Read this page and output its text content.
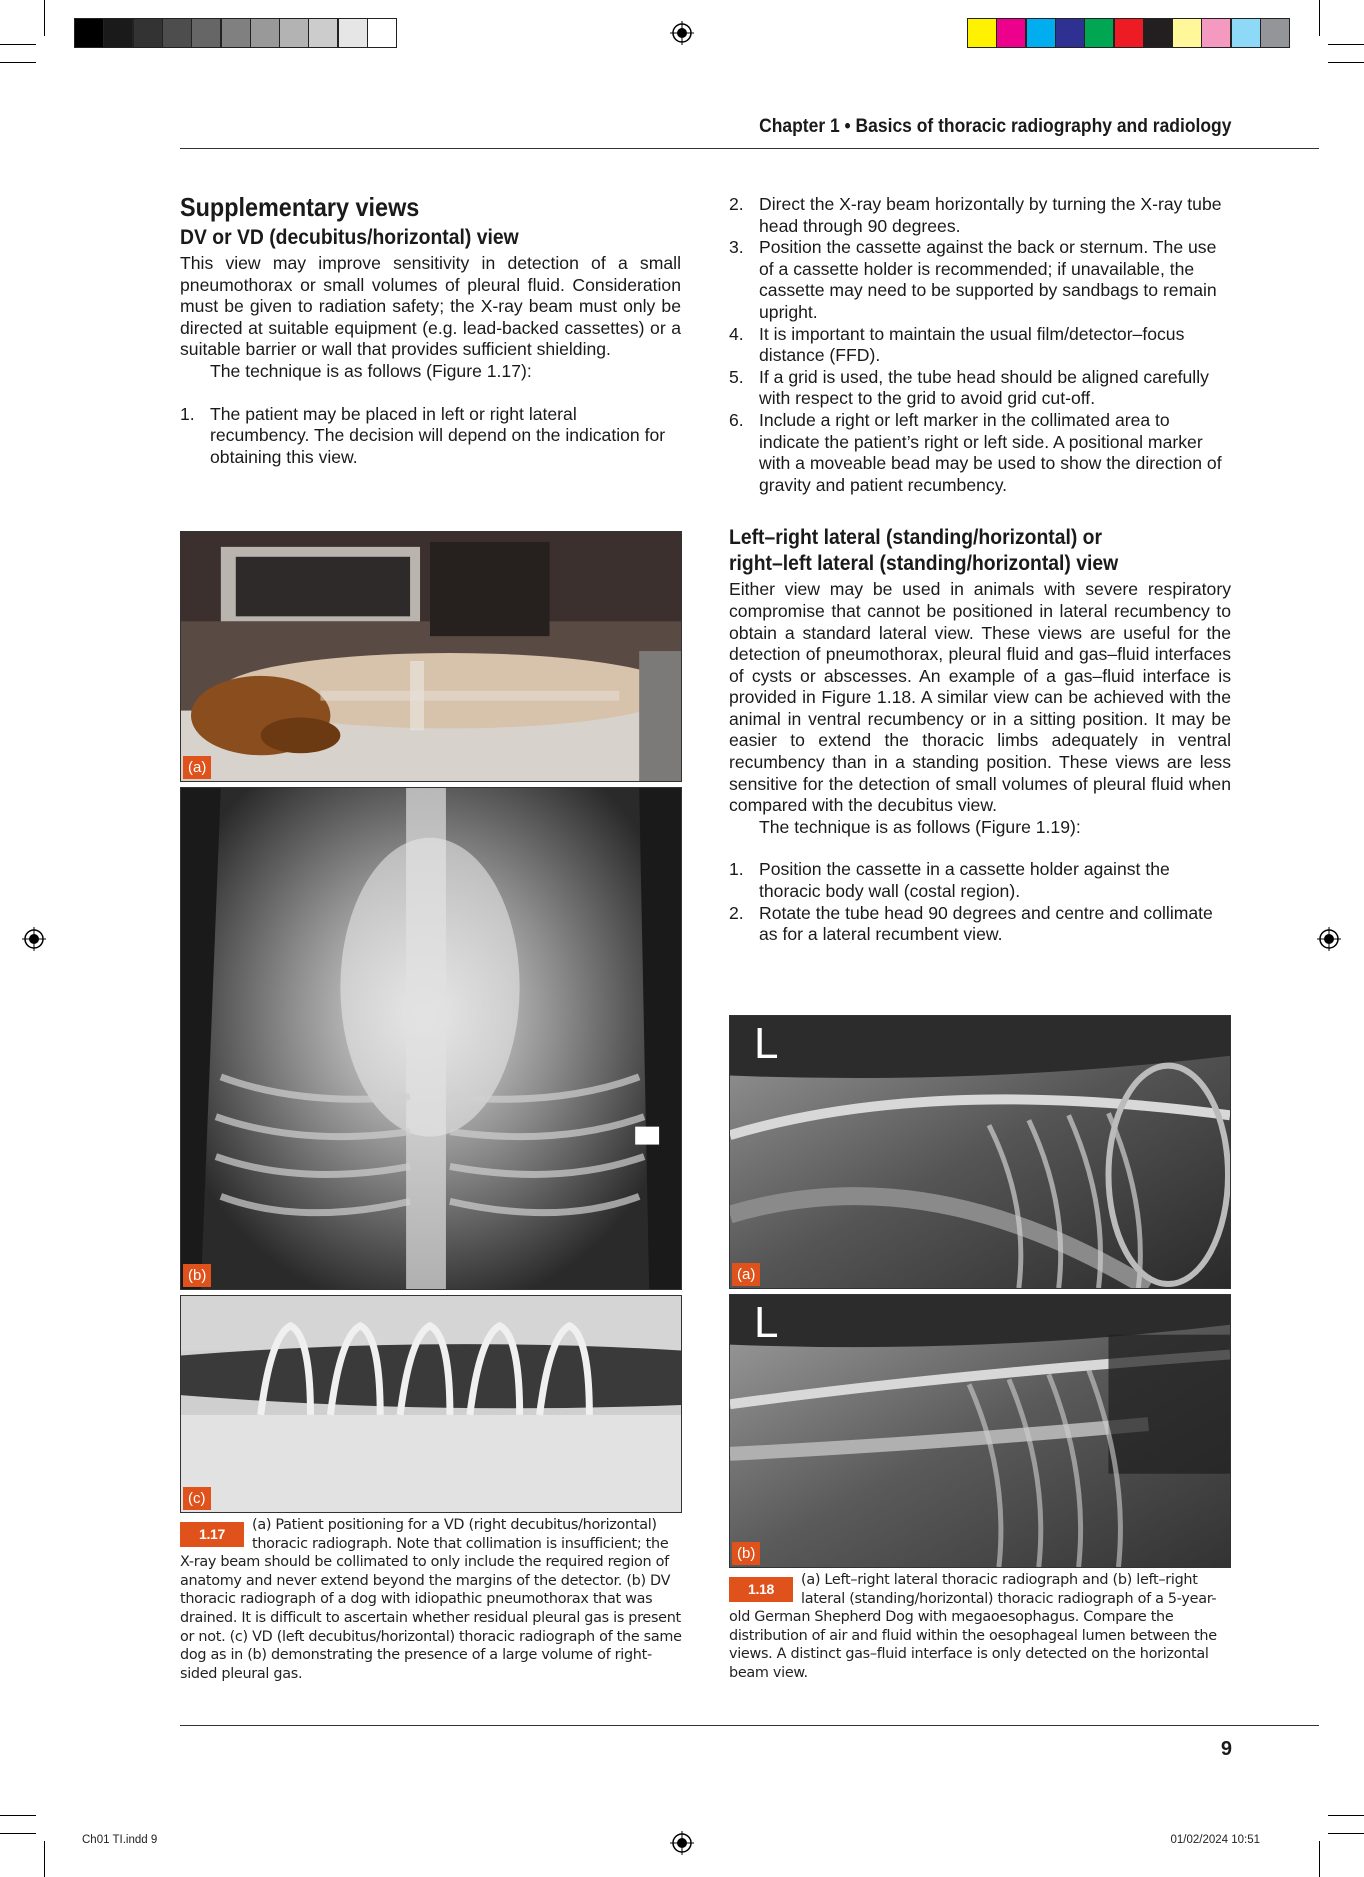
Chapter 1 • Basics of thoracic radiography and radiology
Supplementary views
DV or VD (decubitus/horizontal) view

This view may improve sensitivity in detection of a small pneumothorax or small volumes of pleural fluid. Consideration must be given to radiation safety; the X-ray beam must only be directed at suitable equipment (e.g. lead-backed cassettes) or a suitable barrier or wall that provides sufficient shielding.

The technique is as follows (Figure 1.17):

1. The patient may be placed in left or right lateral recumbency. The decision will depend on the indication for obtaining this view.
(a)
(b)
(c)
1.17
(a) Patient positioning for a VD (right decubitus/horizontal) thoracic radiograph. Note that collimation is insufficient; the X-ray beam should be collimated to only include the required region of anatomy and never extend beyond the margins of the detector. (b) DV thoracic radiograph of a dog with idiopathic pneumothorax that was drained. It is difficult to ascertain whether residual pleural gas is present or not. (c) VD (left decubitus/horizontal) thoracic radiograph of the same dog as in (b) demonstrating the presence of a large volume of right-sided pleural gas.
2. Direct the X-ray beam horizontally by turning the X-ray tube head through 90 degrees.
3. Position the cassette against the back or sternum. The use of a cassette holder is recommended; if unavailable, the cassette may need to be supported by sandbags to remain upright.
4. It is important to maintain the usual film/detector–focus distance (FFD).
5. If a grid is used, the tube head should be aligned carefully with respect to the grid to avoid grid cut-off.
6. Include a right or left marker in the collimated area to indicate the patient’s right or left side. A positional marker with a moveable bead may be used to show the direction of gravity and patient recumbency.
Left–right lateral (standing/horizontal) or right–left lateral (standing/horizontal) view

Either view may be used in animals with severe respiratory compromise that cannot be positioned in lateral recumbency to obtain a standard lateral view. These views are useful for the detection of pneumothorax, pleural fluid and gas–fluid interfaces of cysts or abscesses. An example of a gas–fluid interface is provided in Figure 1.18. A similar view can be achieved with the animal in ventral recumbency or in a sitting position. It may be easier to extend the thoracic limbs adequately in ventral recumbency than in a standing position. These views are less sensitive for the detection of small volumes of pleural fluid when compared with the decubitus view.

The technique is as follows (Figure 1.19):

1. Position the cassette in a cassette holder against the thoracic body wall (costal region).
2. Rotate the tube head 90 degrees and centre and collimate as for a lateral recumbent view.
L
(a)
L
(b)
1.18
(a) Left–right lateral thoracic radiograph and (b) left–right lateral (standing/horizontal) thoracic radiograph of a 5-year-old German Shepherd Dog with megaoesophagus. Compare the distribution of air and fluid within the oesophageal lumen between the views. A distinct gas–fluid interface is only detected on the horizontal beam view.
9
Ch01 TI.indd 9	01/02/2024 10:51
